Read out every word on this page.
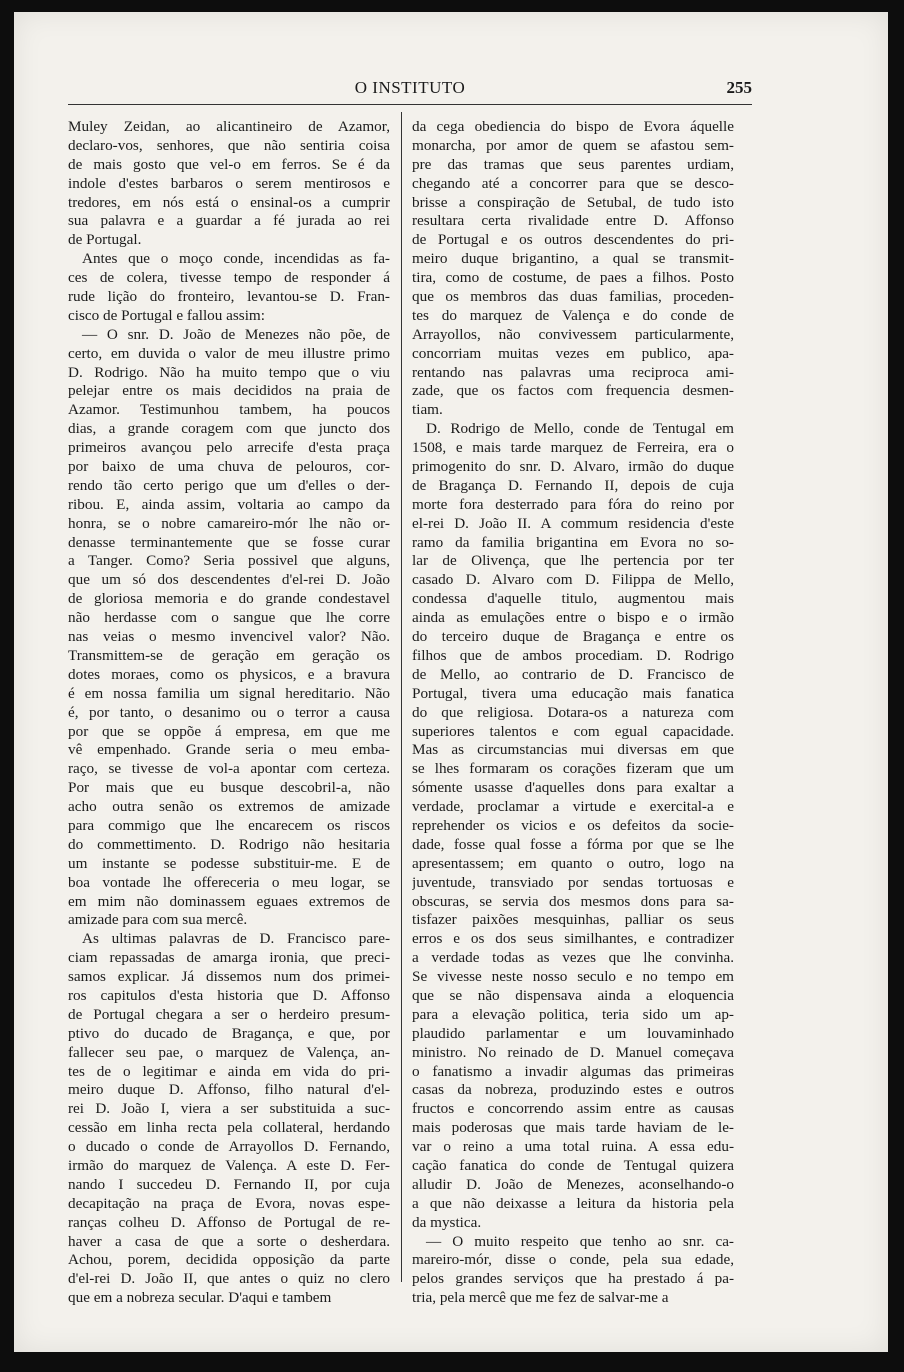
O INSTITUTO	255
Muley Zeidan, ao alicantineiro de Azamor,
declaro-vos, senhores, que não sentiria coisa
de mais gosto que vel-o em ferros. Se é da
indole d'estes barbaros o serem mentirosos e
tredores, em nós está o ensinal-os a cumprir
sua palavra e a guardar a fé jurada ao rei
de Portugal.
Antes que o moço conde, incendidas as fa-
ces de colera, tivesse tempo de responder á
rude lição do fronteiro, levantou-se D. Fran-
cisco de Portugal e fallou assim:
— O snr. D. João de Menezes não põe, de
certo, em duvida o valor de meu illustre primo
D. Rodrigo. Não ha muito tempo que o viu
pelejar entre os mais decididos na praia de
Azamor. Testimunhou tambem, ha poucos
dias, a grande coragem com que juncto dos
primeiros avançou pelo arrecife d'esta praça
por baixo de uma chuva de pelouros, cor-
rendo tão certo perigo que um d'elles o der-
ribou. E, ainda assim, voltaria ao campo da
honra, se o nobre camareiro-mór lhe não or-
denasse terminantemente que se fosse curar
a Tanger. Como? Seria possivel que alguns,
que um só dos descendentes d'el-rei D. João
de gloriosa memoria e do grande condestavel
não herdasse com o sangue que lhe corre
nas veias o mesmo invencivel valor? Não.
Transmittem-se de geração em geração os
dotes moraes, como os physicos, e a bravura
é em nossa familia um signal hereditario. Não
é, por tanto, o desanimo ou o terror a causa
por que se oppõe á empresa, em que me
vê empenhado. Grande seria o meu emba-
raço, se tivesse de vol-a apontar com certeza.
Por mais que eu busque descobril-a, não
acho outra senão os extremos de amizade
para commigo que lhe encarecem os riscos
do commettimento. D. Rodrigo não hesitaria
um instante se podesse substituir-me. E de
boa vontade lhe offereceria o meu logar, se
em mim não dominassem eguaes extremos de
amizade para com sua mercê.
As ultimas palavras de D. Francisco pare-
ciam repassadas de amarga ironia, que preci-
samos explicar. Já dissemos num dos primei-
ros capitulos d'esta historia que D. Affonso
de Portugal chegara a ser o herdeiro presum-
ptivo do ducado de Bragança, e que, por
fallecer seu pae, o marquez de Valença, an-
tes de o legitimar e ainda em vida do pri-
meiro duque D. Affonso, filho natural d'el-
rei D. João I, viera a ser substituida a suc-
cessão em linha recta pela collateral, herdando
o ducado o conde de Arrayollos D. Fernando,
irmão do marquez de Valença. A este D. Fer-
nando I succedeu D. Fernando II, por cuja
decapitação na praça de Evora, novas espe-
ranças colheu D. Affonso de Portugal de re-
haver a casa de que a sorte o desherdara.
Achou, porem, decidida opposição da parte
d'el-rei D. João II, que antes o quiz no clero
que em a nobreza secular. D'aqui e tambem
da cega obediencia do bispo de Evora áquelle
monarcha, por amor de quem se afastou sem-
pre das tramas que seus parentes urdiam,
chegando até a concorrer para que se desco-
brisse a conspiração de Setubal, de tudo isto
resultara certa rivalidade entre D. Affonso
de Portugal e os outros descendentes do pri-
meiro duque brigantino, a qual se transmit-
tira, como de costume, de paes a filhos. Posto
que os membros das duas familias, proceden-
tes do marquez de Valença e do conde de
Arrayollos, não convivessem particularmente,
concorriam muitas vezes em publico, apa-
rentando nas palavras uma reciproca ami-
zade, que os factos com frequencia desmen-
tiam.
D. Rodrigo de Mello, conde de Tentugal em
1508, e mais tarde marquez de Ferreira, era o
primogenito do snr. D. Alvaro, irmão do duque
de Bragança D. Fernando II, depois de cuja
morte fora desterrado para fóra do reino por
el-rei D. João II. A commum residencia d'este
ramo da familia brigantina em Evora no so-
lar de Olivença, que lhe pertencia por ter
casado D. Alvaro com D. Filippa de Mello,
condessa d'aquelle titulo, augmentou mais
ainda as emulações entre o bispo e o irmão
do terceiro duque de Bragança e entre os
filhos que de ambos procediam. D. Rodrigo
de Mello, ao contrario de D. Francisco de
Portugal, tivera uma educação mais fanatica
do que religiosa. Dotara-os a natureza com
superiores talentos e com egual capacidade.
Mas as circumstancias mui diversas em que
se lhes formaram os corações fizeram que um
sómente usasse d'aquelles dons para exaltar a
verdade, proclamar a virtude e exercital-a e
reprehender os vicios e os defeitos da socie-
dade, fosse qual fosse a fórma por que se lhe
apresentassem; em quanto o outro, logo na
juventude, transviado por sendas tortuosas e
obscuras, se servia dos mesmos dons para sa-
tisfazer paixões mesquinhas, palliar os seus
erros e os dos seus similhantes, e contradizer
a verdade todas as vezes que lhe convinha.
Se vivesse neste nosso seculo e no tempo em
que se não dispensava ainda a eloquencia
para a elevação politica, teria sido um ap-
plaudido parlamentar e um louvaminhado
ministro. No reinado de D. Manuel começava
o fanatismo a invadir algumas das primeiras
casas da nobreza, produzindo estes e outros
fructos e concorrendo assim entre as causas
mais poderosas que mais tarde haviam de le-
var o reino a uma total ruina. A essa edu-
cação fanatica do conde de Tentugal quizera
alludir D. João de Menezes, aconselhando-o
a que não deixasse a leitura da historia pela
da mystica.
— O muito respeito que tenho ao snr. ca-
mareiro-mór, disse o conde, pela sua edade,
pelos grandes serviços que ha prestado á pa-
tria, pela mercê que me fez de salvar-me a
